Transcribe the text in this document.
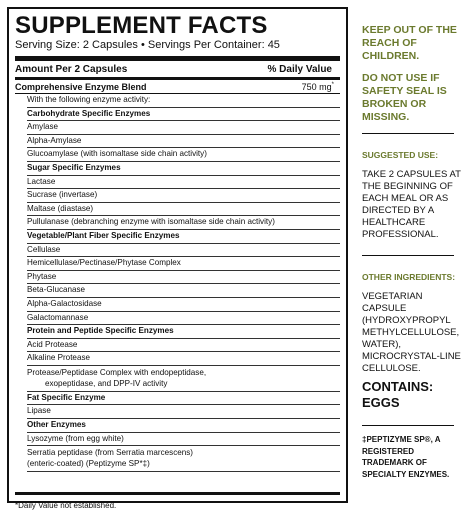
SUPPLEMENT FACTS
Serving Size: 2 Capsules • Servings Per Container: 45
Amount Per 2 Capsules	% Daily Value
Comprehensive Enzyme Blend	750 mg*
With the following enzyme activity:
Carbohydrate Specific Enzymes
Amylase
Alpha-Amylase
Glucoamylase (with isomaltase side chain activity)
Sugar Specific Enzymes
Lactase
Sucrase (invertase)
Maltase (diastase)
Pullulanase (debranching enzyme with isomaltase side chain activity)
Vegetable/Plant Fiber Specific Enzymes
Cellulase
Hemicellulase/Pectinase/Phytase Complex
Phytase
Beta-Glucanase
Alpha-Galactosidase
Galactomannase
Protein and Peptide Specific Enzymes
Acid Protease
Alkaline Protease
Protease/Peptidase Complex with endopeptidase,
exopeptidase, and DPP-IV activity
Fat Specific Enzyme
Lipase
Other Enzymes
Lysozyme (from egg white)
Serratia peptidase (from Serratia marcescens)
(enteric-coated) (Peptizyme SP*‡)
*Daily Value not established.

KEEP OUT OF THE REACH OF CHILDREN.

DO NOT USE IF SAFETY SEAL IS BROKEN OR MISSING.

SUGGESTED USE:
TAKE 2 CAPSULES AT THE BEGINNING OF EACH MEAL OR AS DIRECTED BY A HEALTHCARE PROFESSIONAL.
OTHER INGREDIENTS:
VEGETARIAN CAPSULE (HYDROXYPROPYL METHYLCELLULOSE, WATER), MICROCRYSTAL-LINE CELLULOSE.
CONTAINS: EGGS
‡PEPTIZYME SP®, A REGISTERED TRADEMARK OF SPECIALTY ENZYMES.
